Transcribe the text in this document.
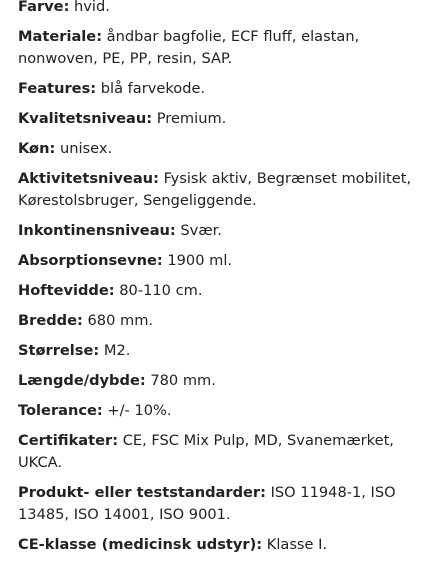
Farve: hvid.
Materiale: åndbar bagfolie, ECF fluff, elastan, nonwoven, PE, PP, resin, SAP.
Features: blå farvekode.
Kvalitetsniveau: Premium.
Køn: unisex.
Aktivitetsniveau: Fysisk aktiv, Begrænset mobilitet, Kørestolsbruger, Sengeliggende.
Inkontinensniveau: Svær.
Absorptionsevne: 1900 ml.
Hoftevidde: 80-110 cm.
Bredde: 680 mm.
Størrelse: M2.
Længde/dybde: 780 mm.
Tolerance: +/- 10%.
Certifikater: CE, FSC Mix Pulp, MD, Svanemærket, UKCA.
Produkt- eller teststandarder: ISO 11948-1, ISO 13485, ISO 14001, ISO 9001.
CE-klasse (medicinsk udstyr): Klasse I.
